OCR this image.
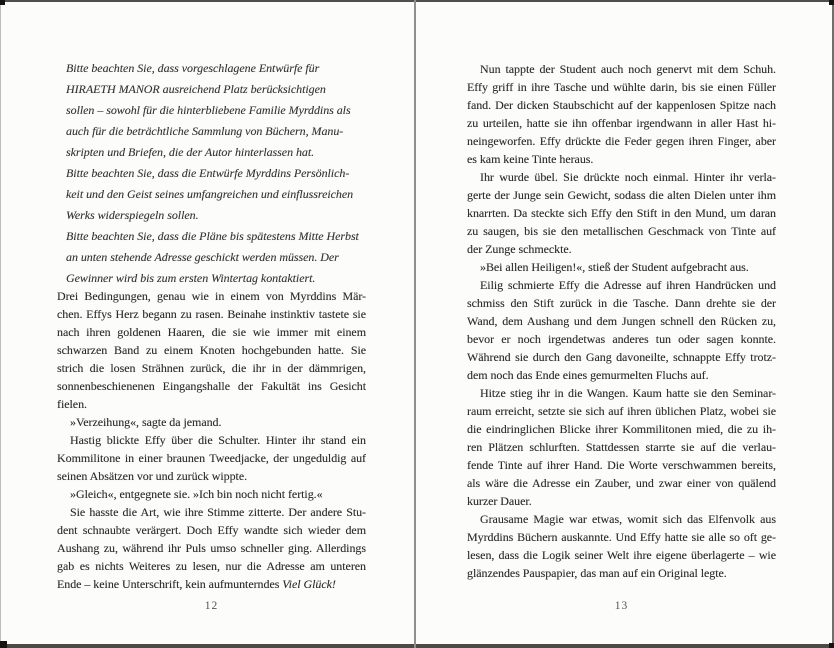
Bitte beachten Sie, dass vorgeschlagene Entwürfe für
HIRAETH MANOR ausreichend Platz berücksichtigen
sollen – sowohl für die hinterbliebene Familie Myrddins als
auch für die beträchtliche Sammlung von Büchern, Manu-
skripten und Briefen, die der Autor hinterlassen hat.
Bitte beachten Sie, dass die Entwürfe Myrddins Persönlich-
keit und den Geist seines umfangreichen und einflussreichen
Werks widerspiegeln sollen.
Bitte beachten Sie, dass die Pläne bis spätestens Mitte Herbst
an unten stehende Adresse geschickt werden müssen. Der
Gewinner wird bis zum ersten Wintertag kontaktiert.
Drei Bedingungen, genau wie in einem von Myrddins Mär-
chen. Effys Herz begann zu rasen. Beinahe instinktiv tastete sie
nach ihren goldenen Haaren, die sie wie immer mit einem
schwarzen Band zu einem Knoten hochgebunden hatte. Sie
strich die losen Strähnen zurück, die ihr in der dämmrigen,
sonnenbeschienenen Eingangshalle der Fakultät ins Gesicht
fielen.
»Verzeihung«, sagte da jemand.
Hastig blickte Effy über die Schulter. Hinter ihr stand ein
Kommilitone in einer braunen Tweedjacke, der ungeduldig auf
seinen Absätzen vor und zurück wippte.
»Gleich«, entgegnete sie. »Ich bin noch nicht fertig.«
Sie hasste die Art, wie ihre Stimme zitterte. Der andere Stu-
dent schnaubte verärgert. Doch Effy wandte sich wieder dem
Aushang zu, während ihr Puls umso schneller ging. Allerdings
gab es nichts Weiteres zu lesen, nur die Adresse am unteren
Ende – keine Unterschrift, kein aufmunterndes Viel Glück!
12
Nun tappte der Student auch noch genervt mit dem Schuh.
Effy griff in ihre Tasche und wühlte darin, bis sie einen Füller
fand. Der dicken Staubschicht auf der kappenlosen Spitze nach
zu urteilen, hatte sie ihn offenbar irgendwann in aller Hast hi-
neingeworfen. Effy drückte die Feder gegen ihren Finger, aber
es kam keine Tinte heraus.
Ihr wurde übel. Sie drückte noch einmal. Hinter ihr verla-
gerte der Junge sein Gewicht, sodass die alten Dielen unter ihm
knarrten. Da steckte sich Effy den Stift in den Mund, um daran
zu saugen, bis sie den metallischen Geschmack von Tinte auf
der Zunge schmeckte.
»Bei allen Heiligen!«, stieß der Student aufgebracht aus.
Eilig schmierte Effy die Adresse auf ihren Handrücken und
schmiss den Stift zurück in die Tasche. Dann drehte sie der
Wand, dem Aushang und dem Jungen schnell den Rücken zu,
bevor er noch irgendetwas anderes tun oder sagen konnte.
Während sie durch den Gang davoneilte, schnappte Effy trotz-
dem noch das Ende eines gemurmelten Fluchs auf.
Hitze stieg ihr in die Wangen. Kaum hatte sie den Seminar-
raum erreicht, setzte sie sich auf ihren üblichen Platz, wobei sie
die eindringlichen Blicke ihrer Kommilitonen mied, die zu ih-
ren Plätzen schlurften. Stattdessen starrte sie auf die verlau-
fende Tinte auf ihrer Hand. Die Worte verschwammen bereits,
als wäre die Adresse ein Zauber, und zwar einer von quälend
kurzer Dauer.
Grausame Magie war etwas, womit sich das Elfenvolk aus
Myrddins Büchern auskannte. Und Effy hatte sie alle so oft ge-
lesen, dass die Logik seiner Welt ihre eigene überlagerte – wie
glänzendes Pauspapier, das man auf ein Original legte.
13
